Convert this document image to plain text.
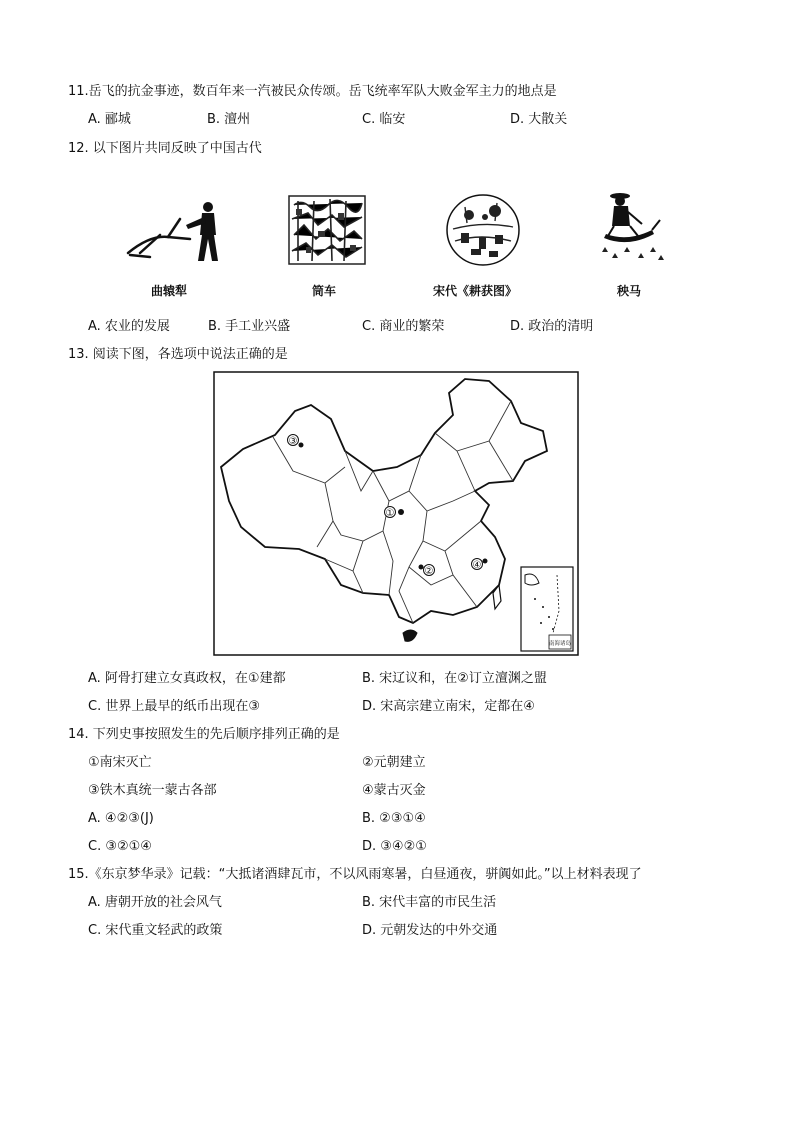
11.岳飞的抗金事迹，数百年来一汽被民众传颂。岳飞统率军队大败金军主力的地点是
A. 郦城	B. 澶州	C. 临安	D. 大散关
12. 以下图片共同反映了中国古代
曲辕犁	筒车	宋代《耕获图》	秧马
A. 农业的发展	B. 手工业兴盛	C. 商业的繁荣	D. 政治的清明
13. 阅读下图，各选项中说法正确的是
①
②
③
④
南海诸岛
A. 阿骨打建立女真政权，在①建都	B. 宋辽议和，在②订立澶渊之盟
C. 世界上最早的纸币出现在③	D. 宋高宗建立南宋，定都在④
14. 下列史事按照发生的先后顺序排列正确的是
①南宋灭亡	②元朝建立
③铁木真统一蒙古各部	④蒙古灭金
A. ④②③(J)	B. ②③①④
C. ③②①④	D. ③④②①
15.《东京梦华录》记载：“大抵诸酒肆瓦市，不以风雨寒暑，白昼通夜，骈阗如此。”以上材料表现了
A. 唐朝开放的社会风气	B. 宋代丰富的市民生活
C. 宋代重文轻武的政策	D. 元朝发达的中外交通
